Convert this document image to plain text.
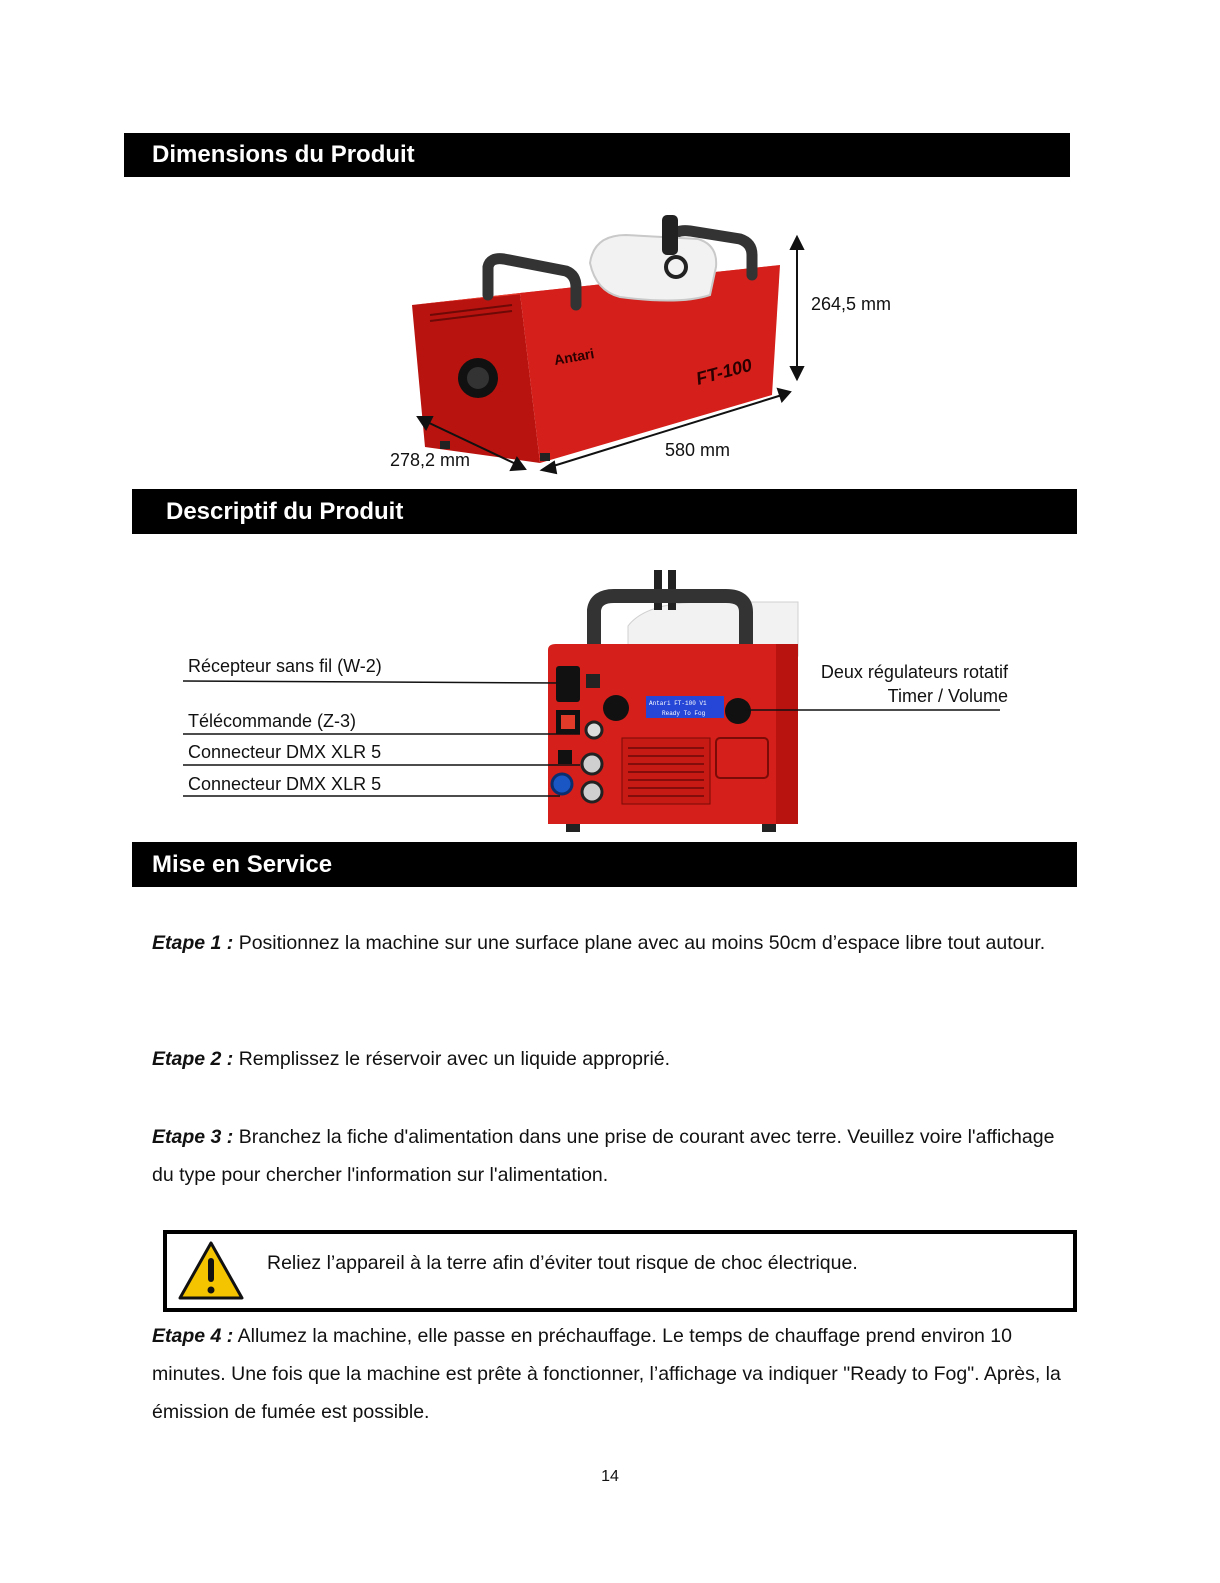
Dimensions du Produit
Antari	FT-100
264,5 mm
278,2 mm	580 mm
Descriptif du Produit
Antari FT-100 V1
Ready To Fog
Récepteur sans fil (W-2)
Télécommande (Z-3)
Connecteur DMX XLR 5
Connecteur DMX XLR 5
Deux régulateurs rotatif
Timer / Volume
Mise en Service
Etape 1 : Positionnez la machine sur une surface plane avec au moins 50cm d’espace libre tout autour.
Etape 2 : Remplissez le réservoir avec un liquide approprié.
Etape 3 : Branchez la fiche d'alimentation dans une prise de courant avec terre. Veuillez voire l'affichage du type pour chercher l'information sur l'alimentation.
Reliez l’appareil à la terre afin d’éviter tout risque de choc électrique.
Etape 4 : Allumez la machine, elle passe en préchauffage. Le temps de chauffage prend environ 10 minutes. Une fois que la machine est prête à fonctionner, l’affichage va indiquer "Ready to Fog". Après, la émission de fumée est possible.
14
